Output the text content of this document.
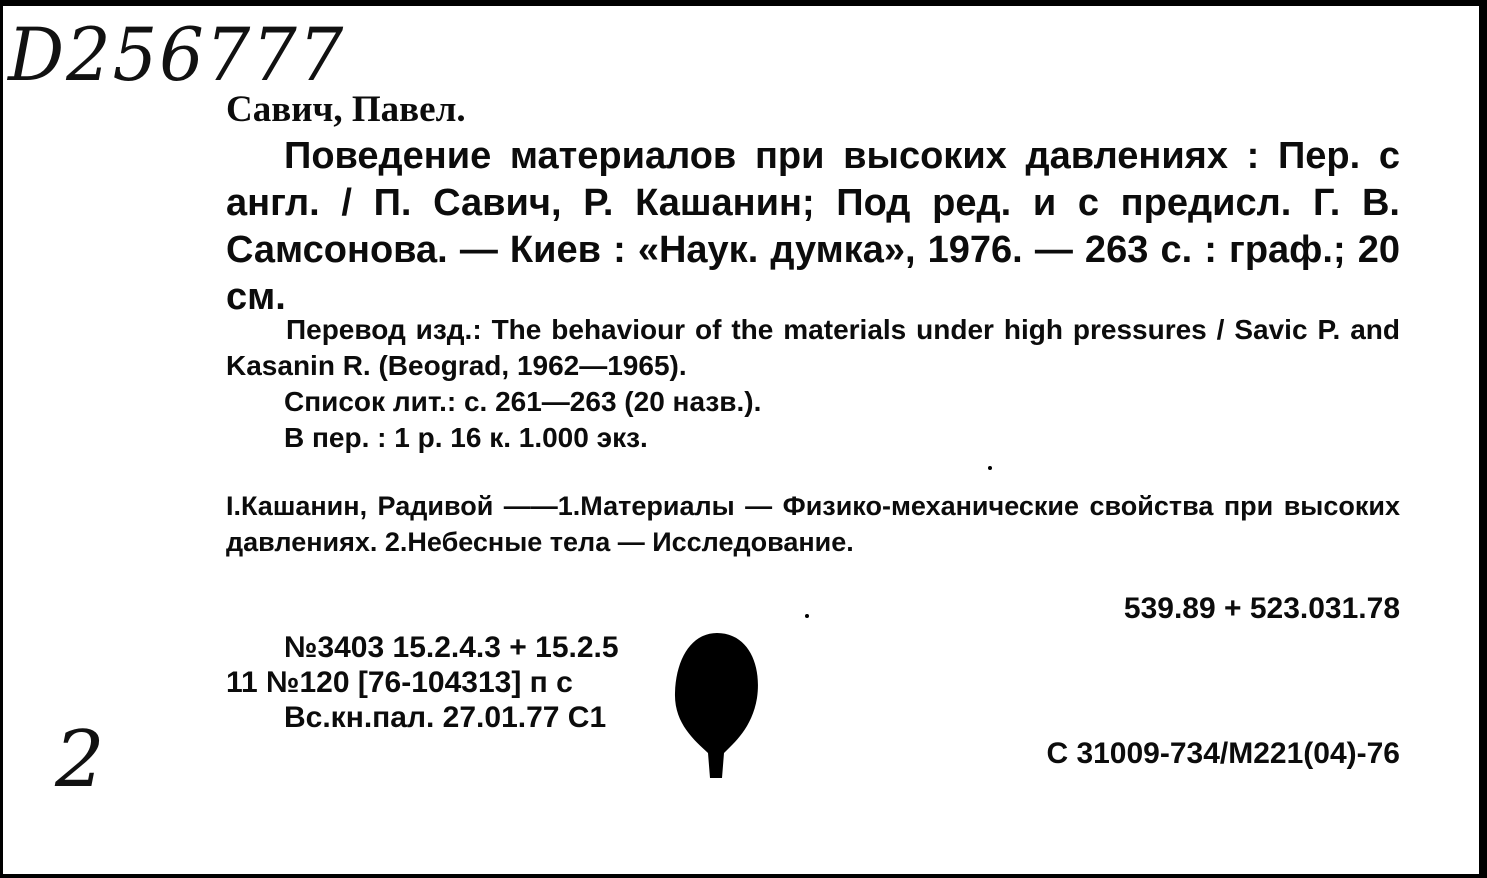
D256777
Савич, Павел.
Поведение материалов при высоких давлениях : Пер. с англ. / П. Савич, Р. Кашанин; Под ред. и с предисл. Г. В. Самсонова. — Киев : «Наук. думка», 1976. — 263 с. : граф.; 20 см.
Перевод изд.: The behaviour of the materials under high pressures / Savic P. and Kasanin R. (Beograd, 1962—1965).
Список лит.: с. 261—263 (20 назв.).
В пер. : 1 р. 16 к. 1.000 экз.
I.Кашанин, Радивой ——1.Материалы — Физико-механические свойства при высоких давлениях. 2.Небесные тела — Исследование.
539.89 + 523.031.78
№3403 15.2.4.3 + 15.2.5
11 №120 [76-104313] п с
Вс.кн.пал. 27.01.77 С1
С 31009-734/М221(04)-76
2
